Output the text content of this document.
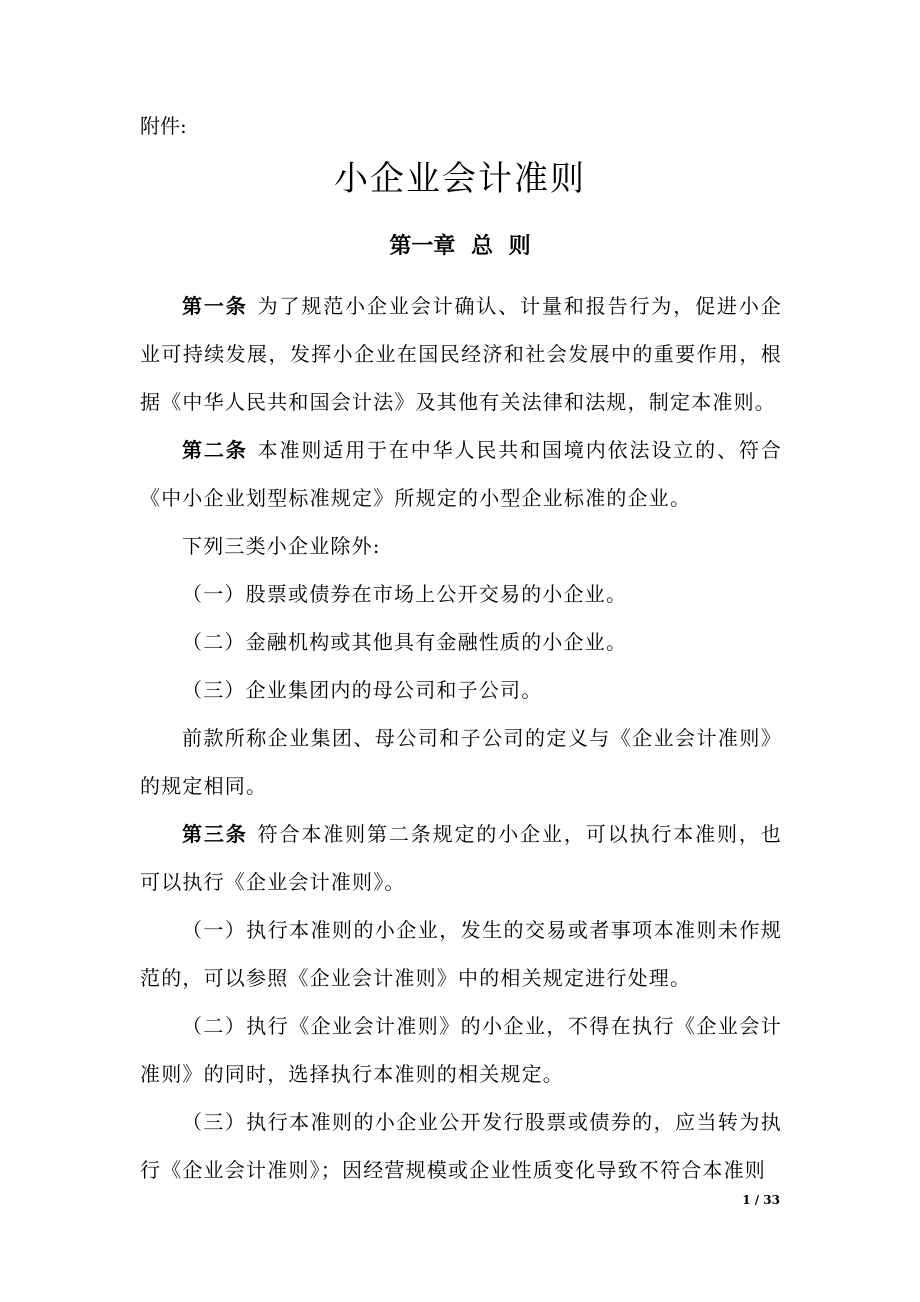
附件:

小企业会计准则
第一章 总 则

第一条 为了规范小企业会计确认、计量和报告行为，促进小企业可持续发展，发挥小企业在国民经济和社会发展中的重要作用，根据《中华人民共和国会计法》及其他有关法律和法规，制定本准则。

第二条 本准则适用于在中华人民共和国境内依法设立的、符合《中小企业划型标准规定》所规定的小型企业标准的企业。

下列三类小企业除外:

（一）股票或债券在市场上公开交易的小企业。

（二）金融机构或其他具有金融性质的小企业。

（三）企业集团内的母公司和子公司。

前款所称企业集团、母公司和子公司的定义与《企业会计准则》的规定相同。

第三条 符合本准则第二条规定的小企业，可以执行本准则，也可以执行《企业会计准则》。

（一）执行本准则的小企业，发生的交易或者事项本准则未作规范的，可以参照《企业会计准则》中的相关规定进行处理。

（二）执行《企业会计准则》的小企业，不得在执行《企业会计准则》的同时，选择执行本准则的相关规定。

（三）执行本准则的小企业公开发行股票或债券的，应当转为执行《企业会计准则》；因经营规模或企业性质变化导致不符合本准则

1 / 33
